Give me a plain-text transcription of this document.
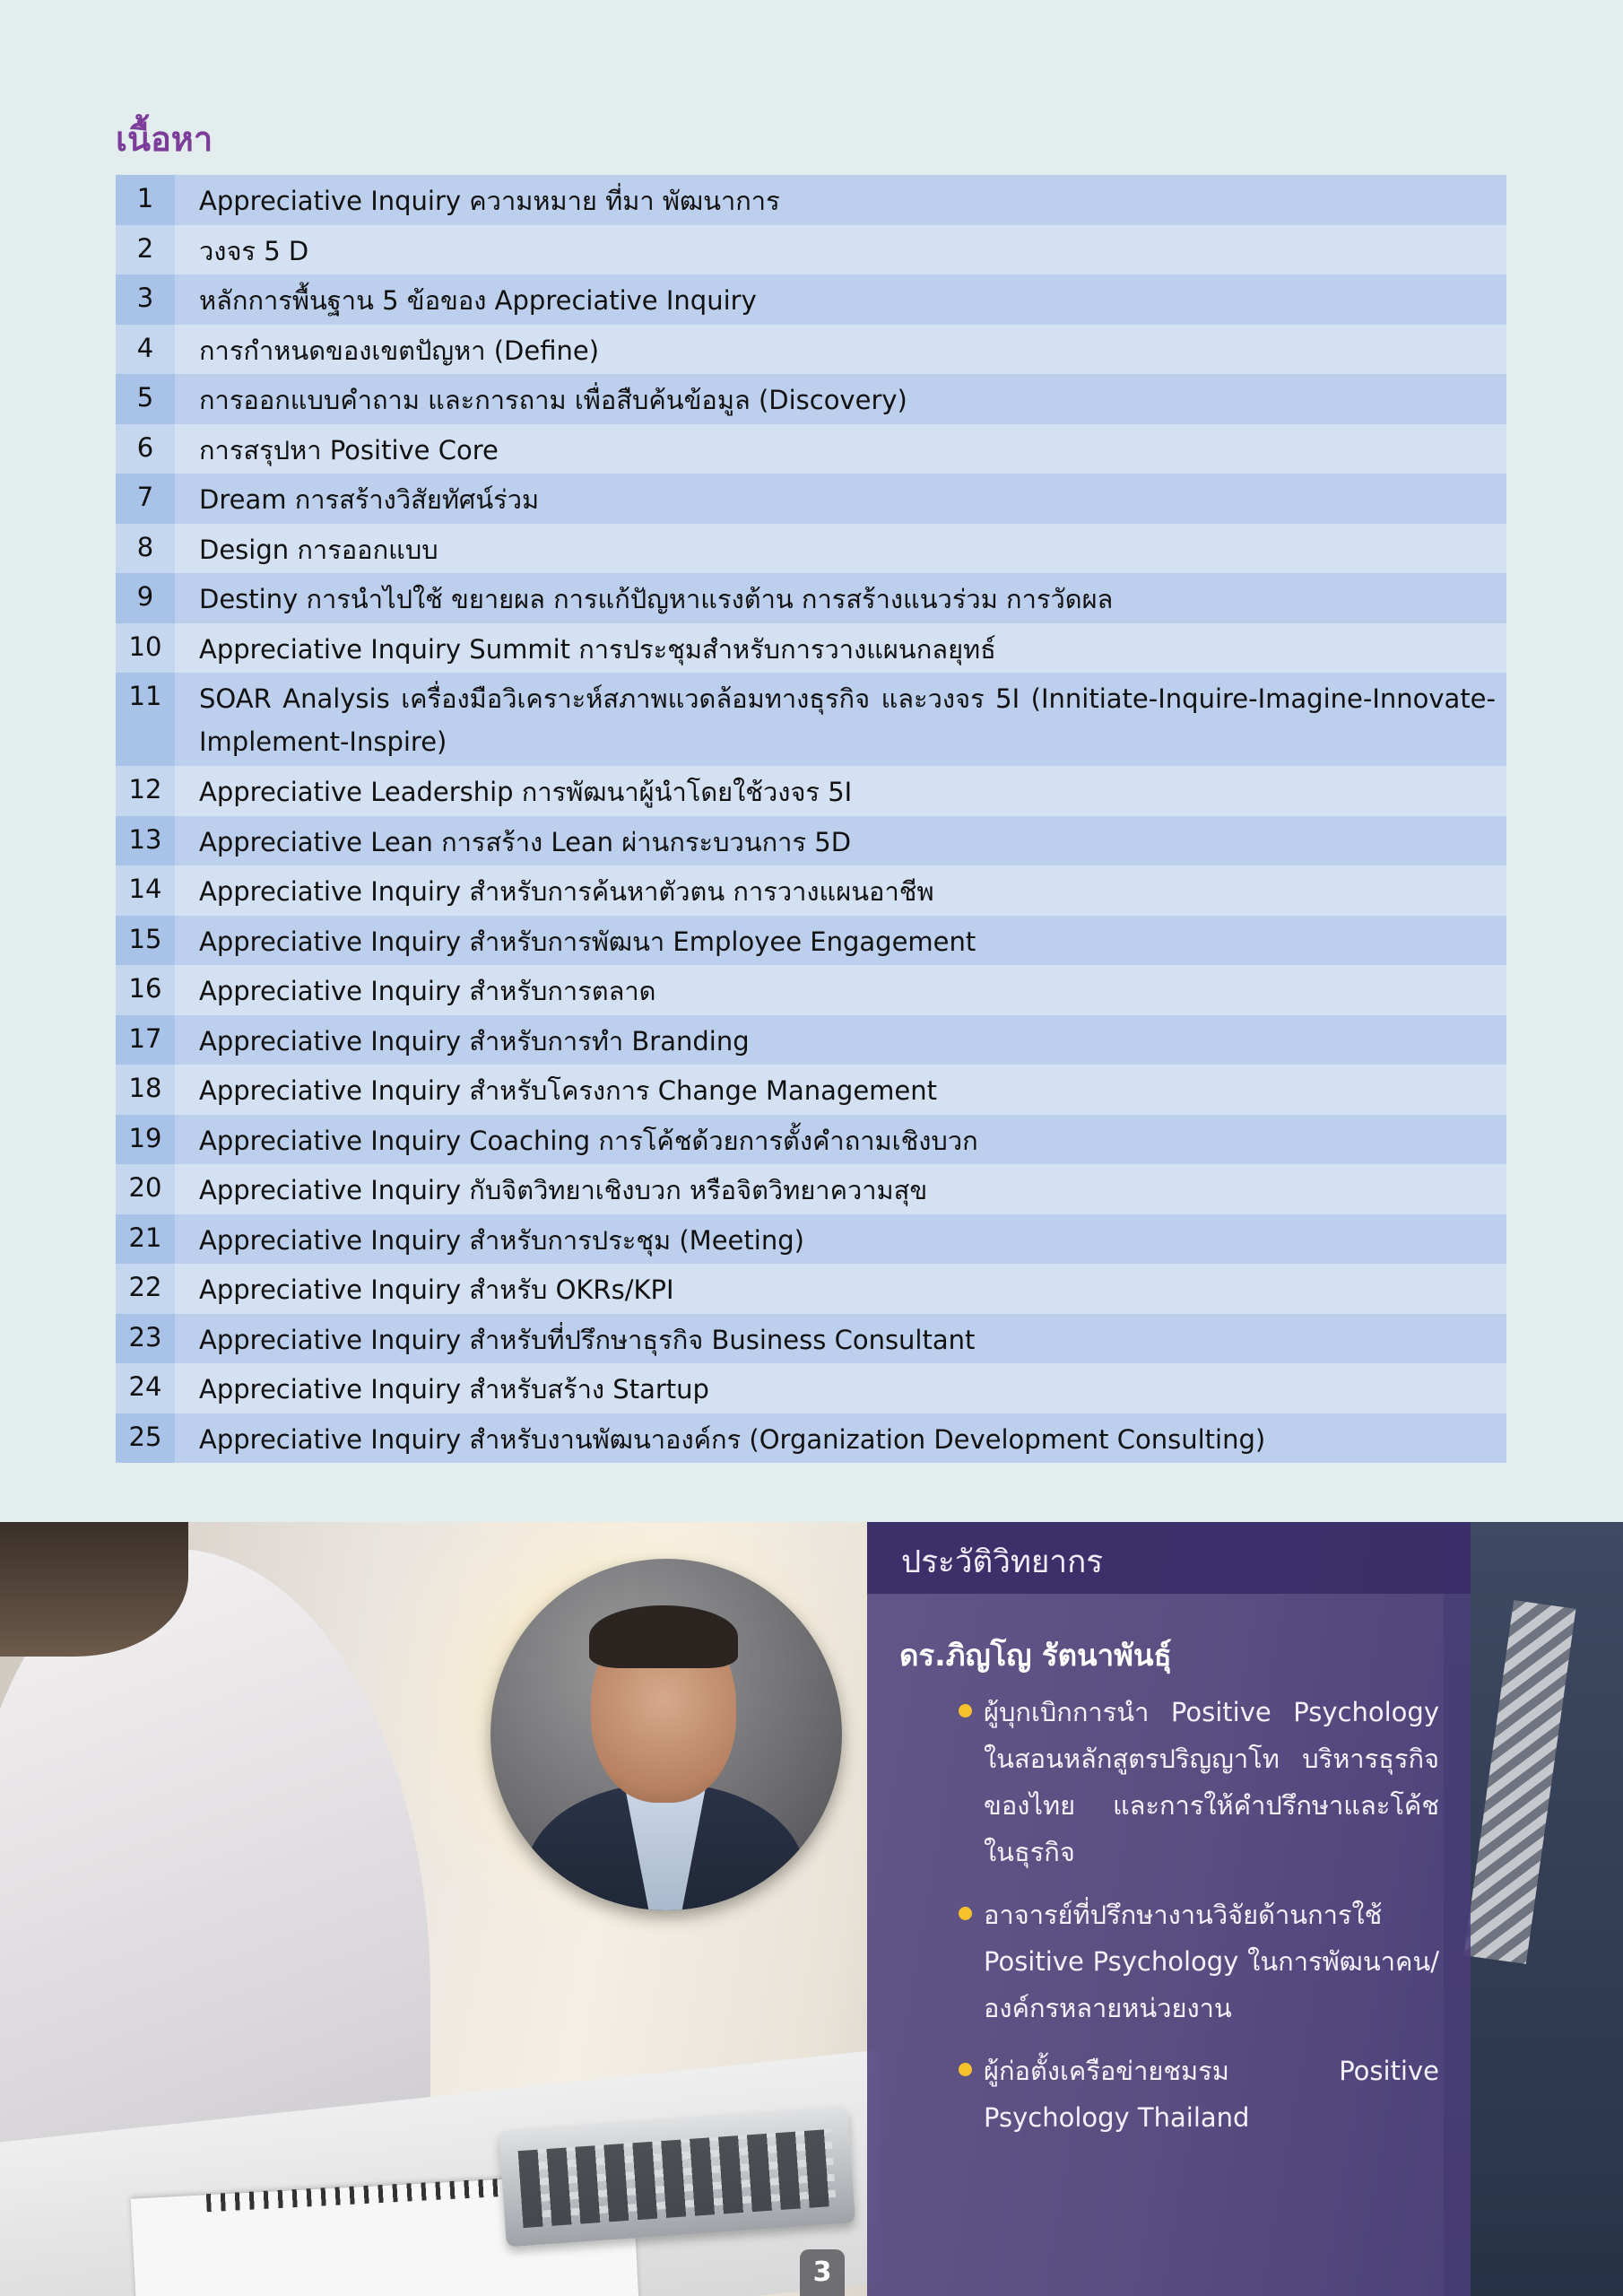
เนื้อหา
1	Appreciative Inquiry ความหมาย ที่มา พัฒนาการ
2	วงจร 5 D
3	หลักการพื้นฐาน 5 ข้อของ Appreciative Inquiry
4	การกำหนดของเขตปัญหา (Define)
5	การออกแบบคำถาม และการถาม เพื่อสืบค้นข้อมูล (Discovery)
6	การสรุปหา Positive Core
7	Dream การสร้างวิสัยทัศน์ร่วม
8	Design การออกแบบ
9	Destiny การนำไปใช้ ขยายผล การแก้ปัญหาแรงต้าน การสร้างแนวร่วม การวัดผล
10	Appreciative Inquiry Summit การประชุมสำหรับการวางแผนกลยุทธ์
11	SOAR Analysis เครื่องมือวิเคราะห์สภาพแวดล้อมทางธุรกิจ และวงจร 5I (Innitiate-Inquire-Imagine-Innovate-Implement-Inspire)
12	Appreciative Leadership การพัฒนาผู้นำโดยใช้วงจร 5I
13	Appreciative Lean การสร้าง Lean ผ่านกระบวนการ 5D
14	Appreciative Inquiry สำหรับการค้นหาตัวตน การวางแผนอาชีพ
15	Appreciative Inquiry สำหรับการพัฒนา Employee Engagement
16	Appreciative Inquiry สำหรับการตลาด
17	Appreciative Inquiry สำหรับการทำ Branding
18	Appreciative Inquiry สำหรับโครงการ Change Management
19	Appreciative Inquiry Coaching การโค้ชด้วยการตั้งคำถามเชิงบวก
20	Appreciative Inquiry กับจิตวิทยาเชิงบวก หรือจิตวิทยาความสุข
21	Appreciative Inquiry สำหรับการประชุม (Meeting)
22	Appreciative Inquiry สำหรับ OKRs/KPI
23	Appreciative Inquiry สำหรับที่ปรึกษาธุรกิจ Business Consultant
24	Appreciative Inquiry สำหรับสร้าง Startup
25	Appreciative Inquiry สำหรับงานพัฒนาองค์กร (Organization Development Consulting)
ประวัติวิทยากร
ดร.ภิญโญ รัตนาพันธุ์
ผู้บุกเบิกการนำ Positive Psychology ในสอนหลักสูตรปริญญาโท บริหารธุรกิจของไทย และการให้คำปรึกษาและโค้ชในธุรกิจ
อาจารย์ที่ปรึกษางานวิจัยด้านการใช้ Positive Psychology ในการพัฒนาคน/องค์กรหลายหน่วยงาน
ผู้ก่อตั้งเครือข่ายชมรม Positive Psychology Thailand
3
